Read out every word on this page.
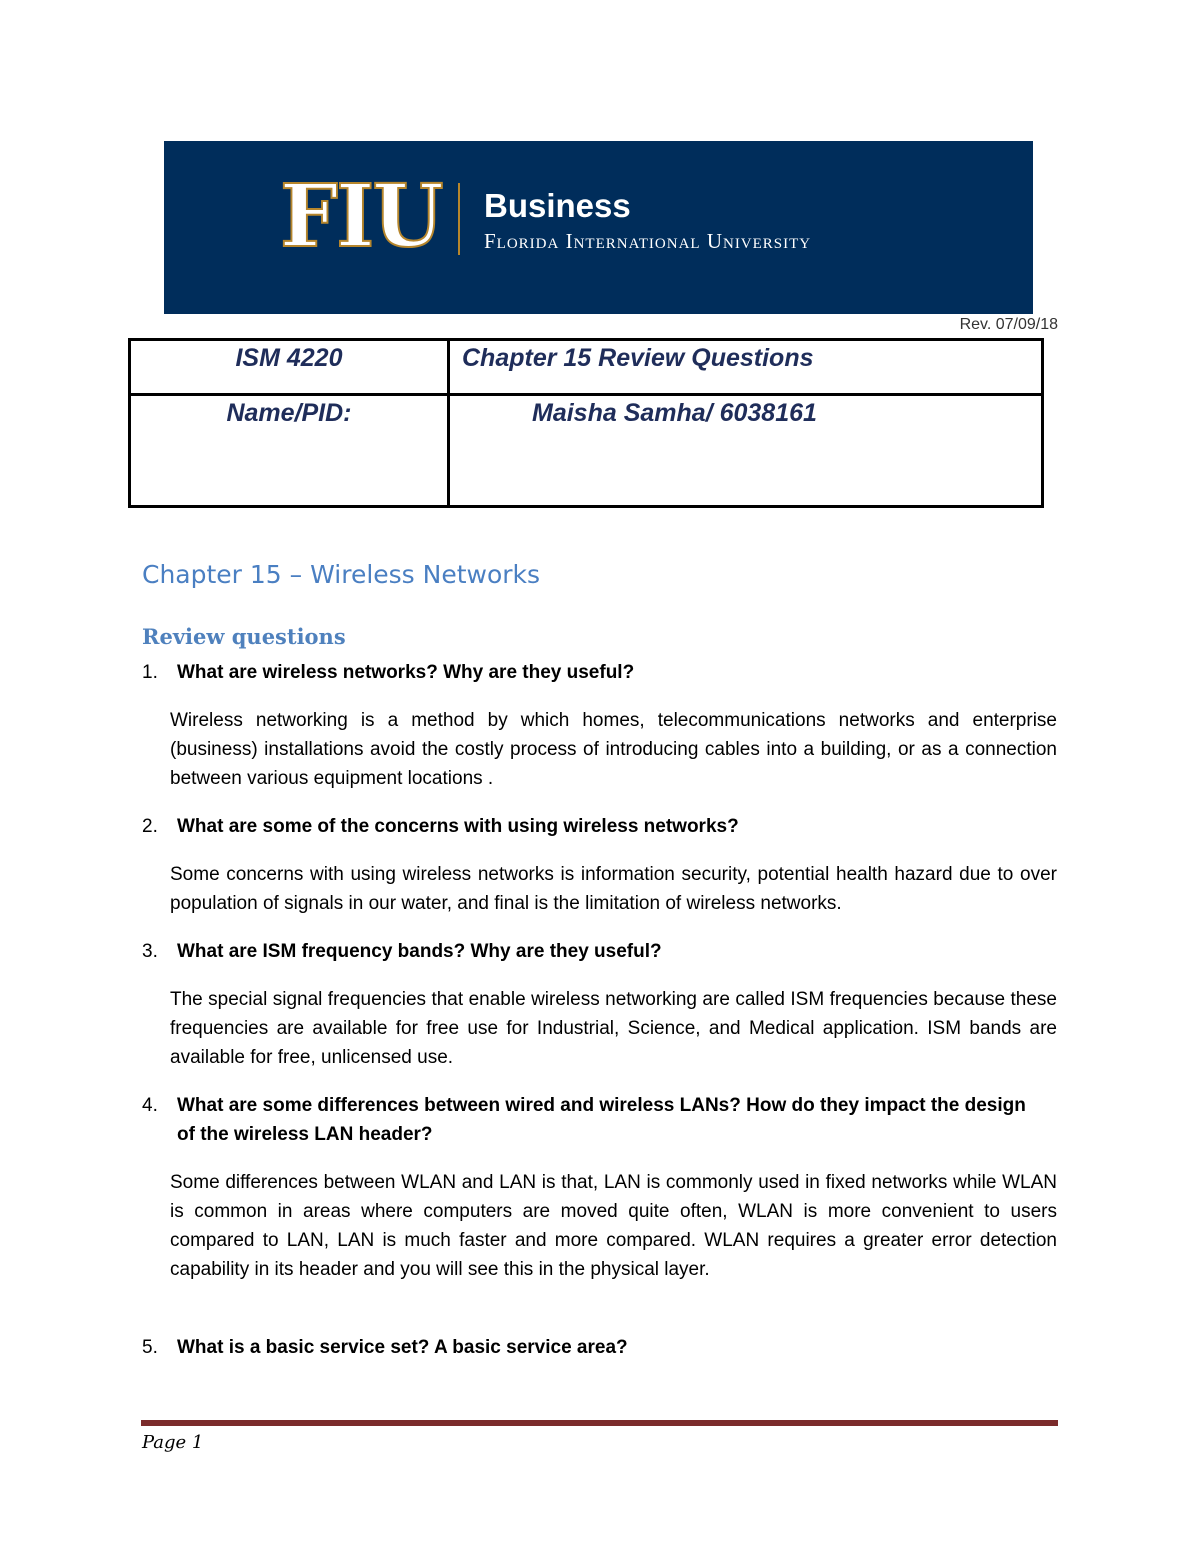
FIU Business
Florida International University
Rev. 07/09/18
ISM 4220	Chapter 15 Review Questions

Name/PID:	Maisha Samha/ 6038161
Chapter 15 – Wireless Networks
Review questions

1. What are wireless networks? Why are they useful?

Wireless networking is a method by which homes, telecommunications networks and enterprise (business) installations avoid the costly process of introducing cables into a building, or as a connection between various equipment locations .

2. What are some of the concerns with using wireless networks?

Some concerns with using wireless networks is information security, potential health hazard due to over population of signals in our water, and final is the limitation of wireless networks.

3. What are ISM frequency bands? Why are they useful?

The special signal frequencies that enable wireless networking are called ISM frequencies because these frequencies are available for free use for Industrial, Science, and Medical application. ISM bands are available for free, unlicensed use.

4. What are some differences between wired and wireless LANs? How do they impact the design of the wireless LAN header?

Some differences between WLAN and LAN is that, LAN is commonly used in fixed networks while WLAN is common in areas where computers are moved quite often, WLAN is more convenient to users compared to LAN, LAN is much faster and more compared. WLAN requires a greater error detection capability in its header and you will see this in the physical layer.

5. What is a basic service set? A basic service area?

Page 1
